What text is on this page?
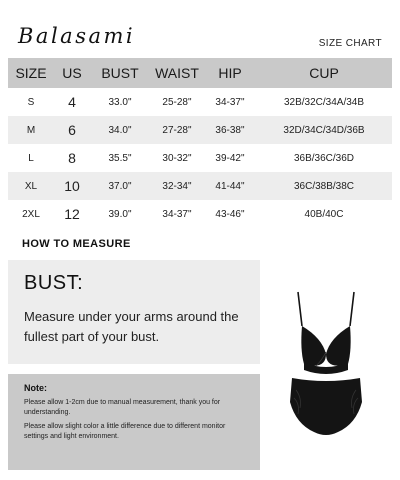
Balasami	SIZE CHART
SIZE	US	BUST	WAIST	HIP	CUP
S	4	33.0"	25-28"	34-37"	32B/32C/34A/34B
M	6	34.0"	27-28"	36-38"	32D/34C/34D/36B
L	8	35.5"	30-32"	39-42"	36B/36C/36D
XL	10	37.0"	32-34"	41-44"	36C/38B/38C
2XL	12	39.0"	34-37"	43-46"	40B/40C
HOW TO MEASURE
BUST:
Measure under your arms around the fullest part of your bust.
Note:
Please allow 1-2cm due to manual measurement, thank you for understanding.
Please allow slight color a little difference due to different monitor settings and light environment.
